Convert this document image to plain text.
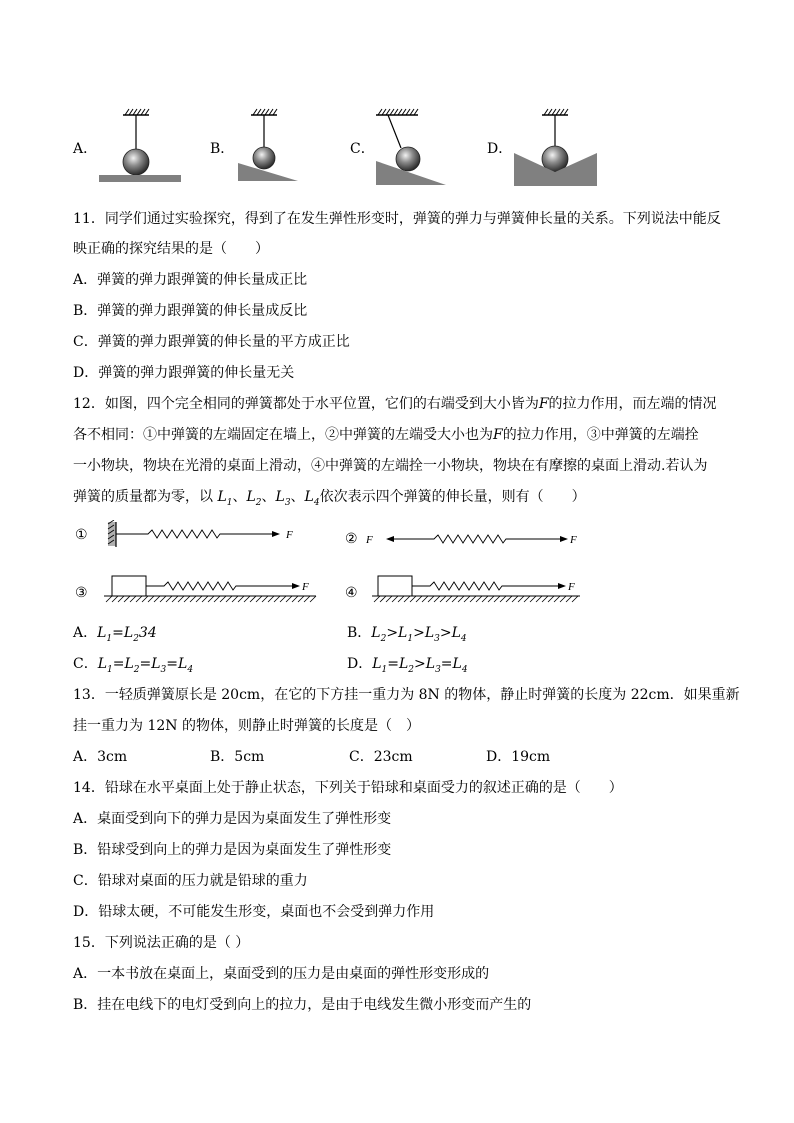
A．	B．	C．	D．
11．同学们通过实验探究，得到了在发生弹性形变时，弹簧的弹力与弹簧伸长量的关系。下列说法中能反
映正确的探究结果的是（　　）
A．弹簧的弹力跟弹簧的伸长量成正比
B．弹簧的弹力跟弹簧的伸长量成反比
C．弹簧的弹力跟弹簧的伸长量的平方成正比
D．弹簧的弹力跟弹簧的伸长量无关
12．如图，四个完全相同的弹簧都处于水平位置，它们的右端受到大小皆为F的拉力作用，而左端的情况
各不相同：①中弹簧的左端固定在墙上，②中弹簧的左端受大小也为F的拉力作用，③中弹簧的左端拴
一小物块，物块在光滑的桌面上滑动，④中弹簧的左端拴一小物块，物块在有摩擦的桌面上滑动.若认为
弹簧的质量都为零，以 $L_1$、$L_2$、$L_3$、$L_4$依次表示四个弹簧的伸长量，则有（　　）
①	F	② F	F
③	F	④	F
A．$L_1=L_234$	B．$L_2>L_1>L_3>L_4$
C．$L_1=L_2=L_3=L_4$	D．$L_1=L_2>L_3=L_4$
13．一轻质弹簧原长是 20cm，在它的下方挂一重力为 8N 的物体，静止时弹簧的长度为 22cm．如果重新
挂一重力为 12N 的物体，则静止时弹簧的长度是（　）
A．3cm	B．5cm	C．23cm	D．19cm
14．铅球在水平桌面上处于静止状态，下列关于铅球和桌面受力的叙述正确的是（　　）
A．桌面受到向下的弹力是因为桌面发生了弹性形变
B．铅球受到向上的弹力是因为桌面发生了弹性形变
C．铅球对桌面的压力就是铅球的重力
D．铅球太硬，不可能发生形变，桌面也不会受到弹力作用
15．下列说法正确的是（ ）
A．一本书放在桌面上，桌面受到的压力是由桌面的弹性形变形成的
B．挂在电线下的电灯受到向上的拉力，是由于电线发生微小形变而产生的
